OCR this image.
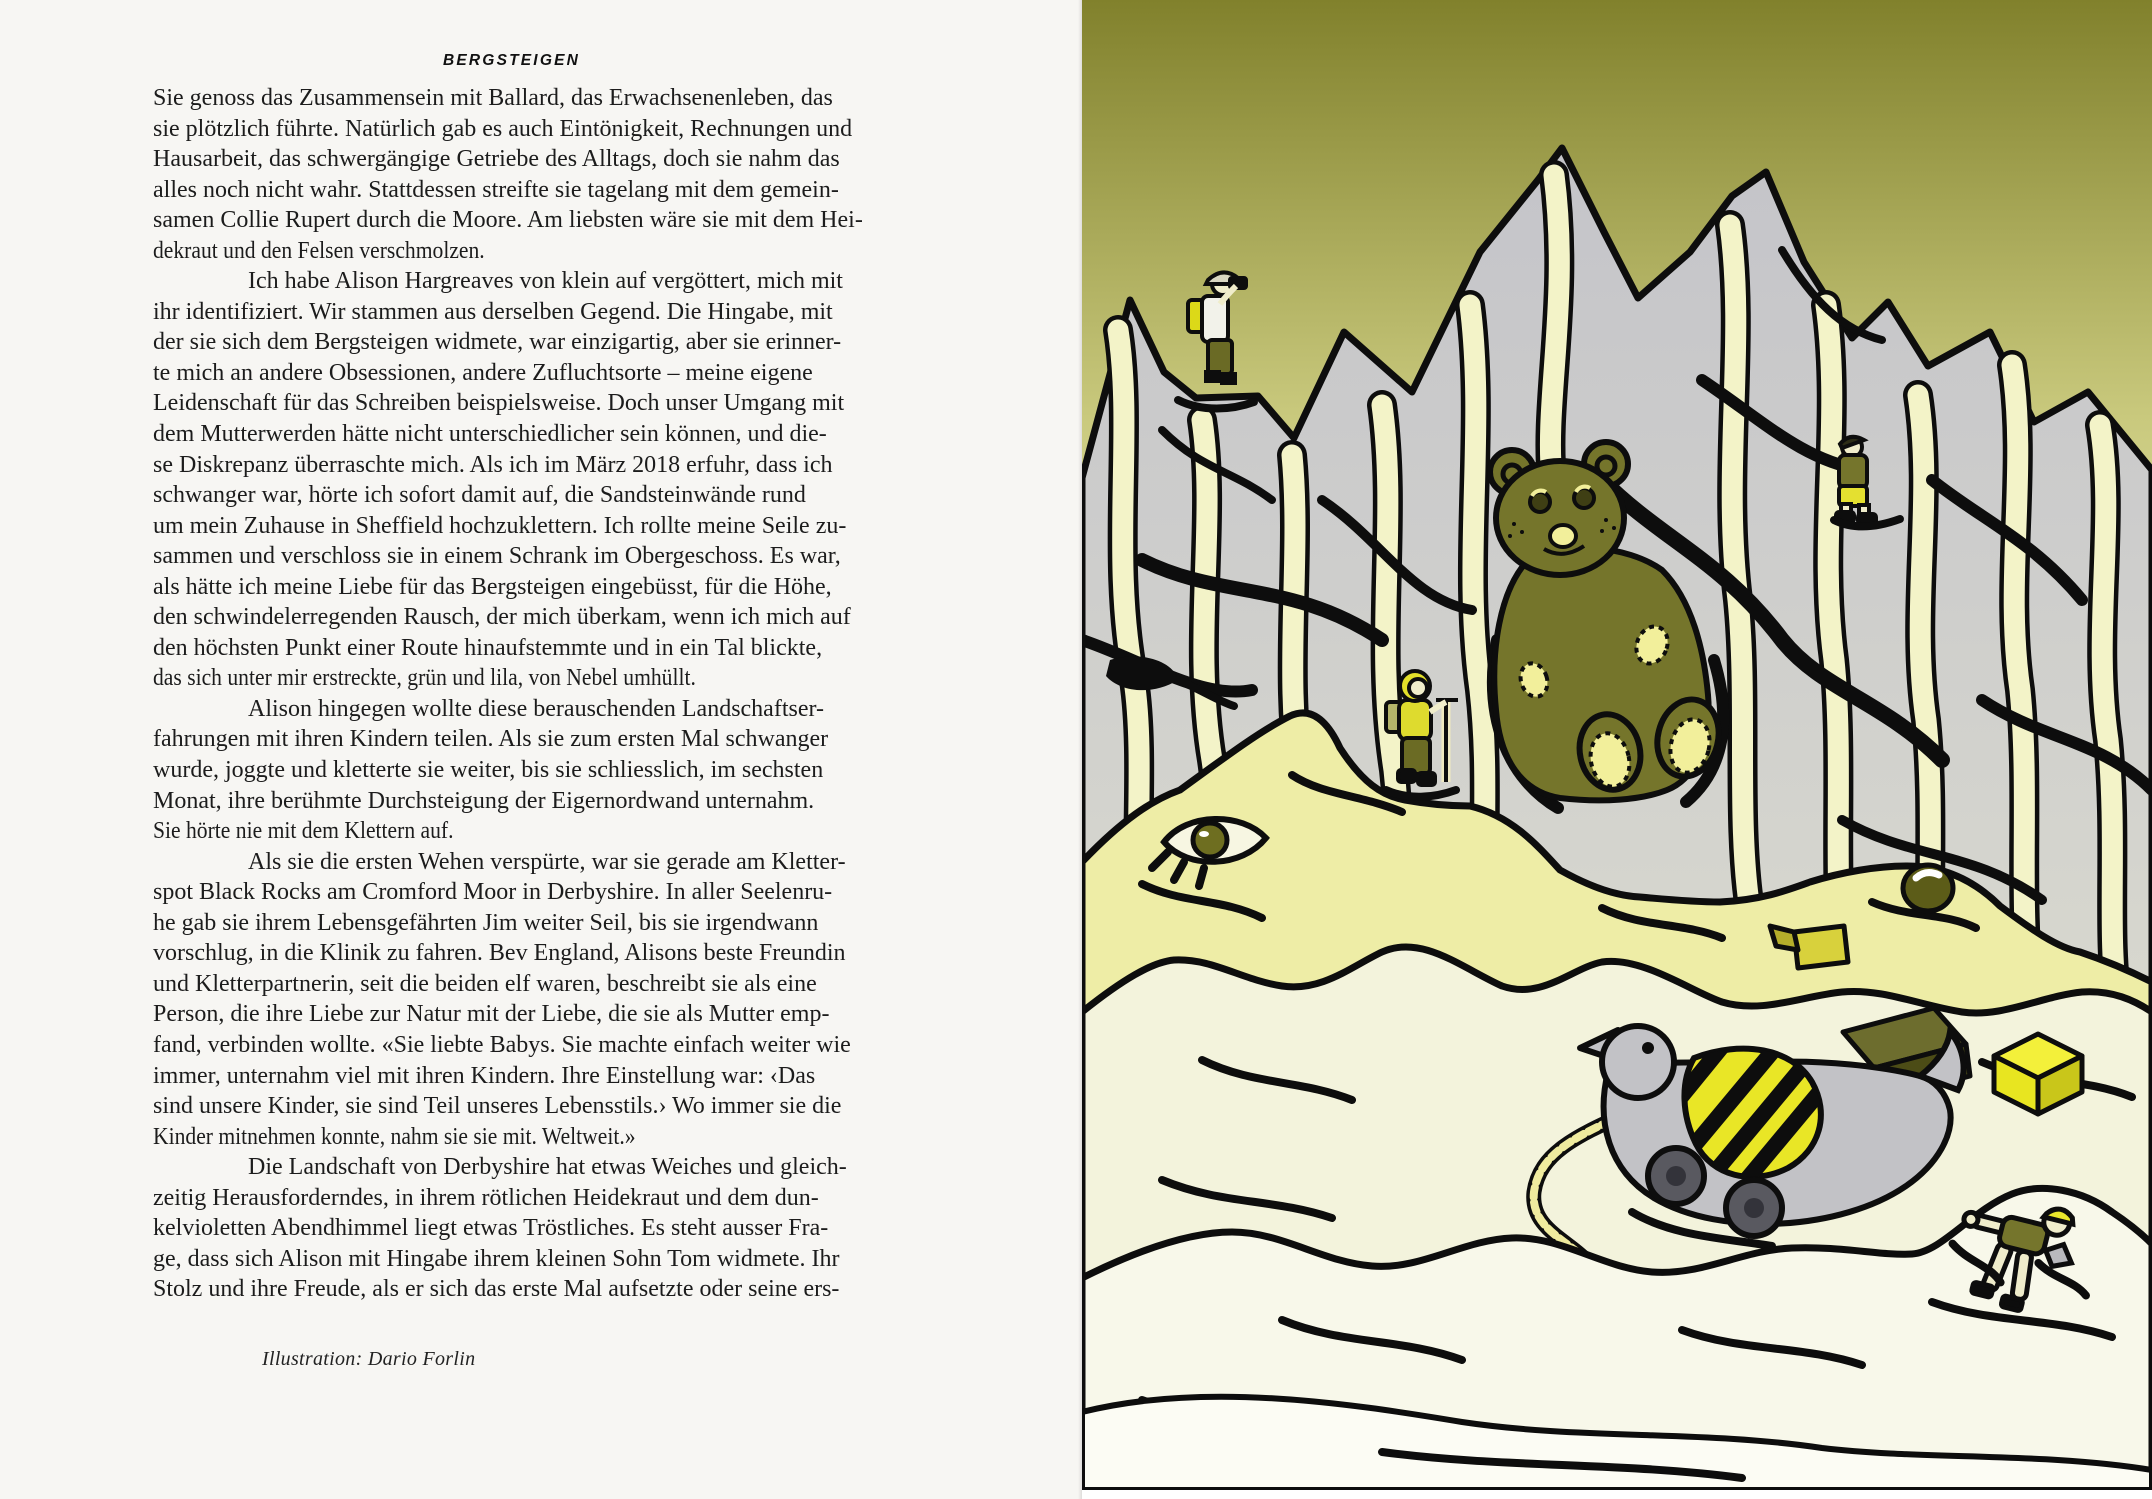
BERGSTEIGEN
Sie genoss das Zusammensein mit Ballard, das Erwachsenenleben, das
sie plötzlich führte. Natürlich gab es auch Eintönigkeit, Rechnungen und
Hausarbeit, das schwergängige Getriebe des Alltags, doch sie nahm das
alles noch nicht wahr. Stattdessen streifte sie tagelang mit dem gemein-
samen Collie Rupert durch die Moore. Am liebsten wäre sie mit dem Hei-
dekraut und den Felsen verschmolzen.
Ich habe Alison Hargreaves von klein auf vergöttert, mich mit
ihr identifiziert. Wir stammen aus derselben Gegend. Die Hingabe, mit
der sie sich dem Bergsteigen widmete, war einzigartig, aber sie erinner-
te mich an andere Obsessionen, andere Zufluchtsorte – meine eigene
Leidenschaft für das Schreiben beispielsweise. Doch unser Umgang mit
dem Mutterwerden hätte nicht unterschiedlicher sein können, und die-
se Diskrepanz überraschte mich. Als ich im März 2018 erfuhr, dass ich
schwanger war, hörte ich sofort damit auf, die Sandsteinwände rund
um mein Zuhause in Sheffield hochzuklettern. Ich rollte meine Seile zu-
sammen und verschloss sie in einem Schrank im Obergeschoss. Es war,
als hätte ich meine Liebe für das Bergsteigen eingebüsst, für die Höhe,
den schwindelerregenden Rausch, der mich überkam, wenn ich mich auf
den höchsten Punkt einer Route hinaufstemmte und in ein Tal blickte,
das sich unter mir erstreckte, grün und lila, von Nebel umhüllt.
Alison hingegen wollte diese berauschenden Landschaftser-
fahrungen mit ihren Kindern teilen. Als sie zum ersten Mal schwanger
wurde, joggte und kletterte sie weiter, bis sie schliesslich, im sechsten
Monat, ihre berühmte Durchsteigung der Eigernordwand unternahm.
Sie hörte nie mit dem Klettern auf.
Als sie die ersten Wehen verspürte, war sie gerade am Kletter-
spot Black Rocks am Cromford Moor in Derbyshire. In aller Seelenru-
he gab sie ihrem Lebensgefährten Jim weiter Seil, bis sie irgendwann
vorschlug, in die Klinik zu fahren. Bev England, Alisons beste Freundin
und Kletterpartnerin, seit die beiden elf waren, beschreibt sie als eine
Person, die ihre Liebe zur Natur mit der Liebe, die sie als Mutter emp-
fand, verbinden wollte. «Sie liebte Babys. Sie machte einfach weiter wie
immer, unternahm viel mit ihren Kindern. Ihre Einstellung war: ‹Das
sind unsere Kinder, sie sind Teil unseres Lebensstils.› Wo immer sie die
Kinder mitnehmen konnte, nahm sie sie mit. Weltweit.»
Die Landschaft von Derbyshire hat etwas Weiches und gleich-
zeitig Herausforderndes, in ihrem rötlichen Heidekraut und dem dun-
kelvioletten Abendhimmel liegt etwas Tröstliches. Es steht ausser Fra-
ge, dass sich Alison mit Hingabe ihrem kleinen Sohn Tom widmete. Ihr
Stolz und ihre Freude, als er sich das erste Mal aufsetzte oder seine ers-
Illustration: Dario Forlin
